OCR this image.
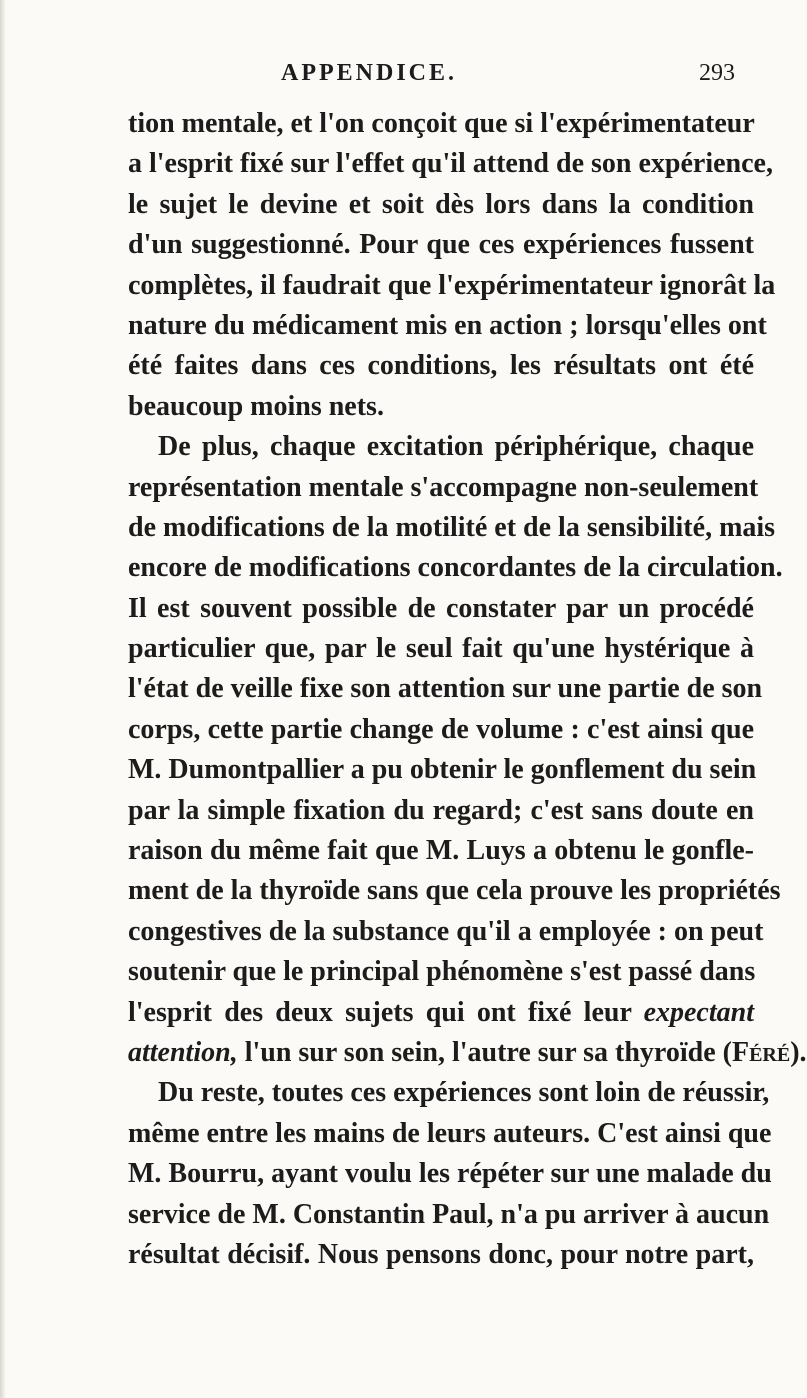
APPENDICE.	293
tion mentale, et l'on conçoit que si l'expérimentateur
a l'esprit fixé sur l'effet qu'il attend de son expérience,
le sujet le devine et soit dès lors dans la condition
d'un suggestionné. Pour que ces expériences fussent
complètes, il faudrait que l'expérimentateur ignorât la
nature du médicament mis en action ; lorsqu'elles ont
été faites dans ces conditions, les résultats ont été
beaucoup moins nets.
De plus, chaque excitation périphérique, chaque
représentation mentale s'accompagne non-seulement
de modifications de la motilité et de la sensibilité, mais
encore de modifications concordantes de la circulation.
Il est souvent possible de constater par un procédé
particulier que, par le seul fait qu'une hystérique à
l'état de veille fixe son attention sur une partie de son
corps, cette partie change de volume : c'est ainsi que
M. Dumontpallier a pu obtenir le gonflement du sein
par la simple fixation du regard; c'est sans doute en
raison du même fait que M. Luys a obtenu le gonfle-
ment de la thyroïde sans que cela prouve les propriétés
congestives de la substance qu'il a employée : on peut
soutenir que le principal phénomène s'est passé dans
l'esprit des deux sujets qui ont fixé leur expectant
attention, l'un sur son sein, l'autre sur sa thyroïde (Féré).
Du reste, toutes ces expériences sont loin de réussir,
même entre les mains de leurs auteurs. C'est ainsi que
M. Bourru, ayant voulu les répéter sur une malade du
service de M. Constantin Paul, n'a pu arriver à aucun
résultat décisif. Nous pensons donc, pour notre part,
